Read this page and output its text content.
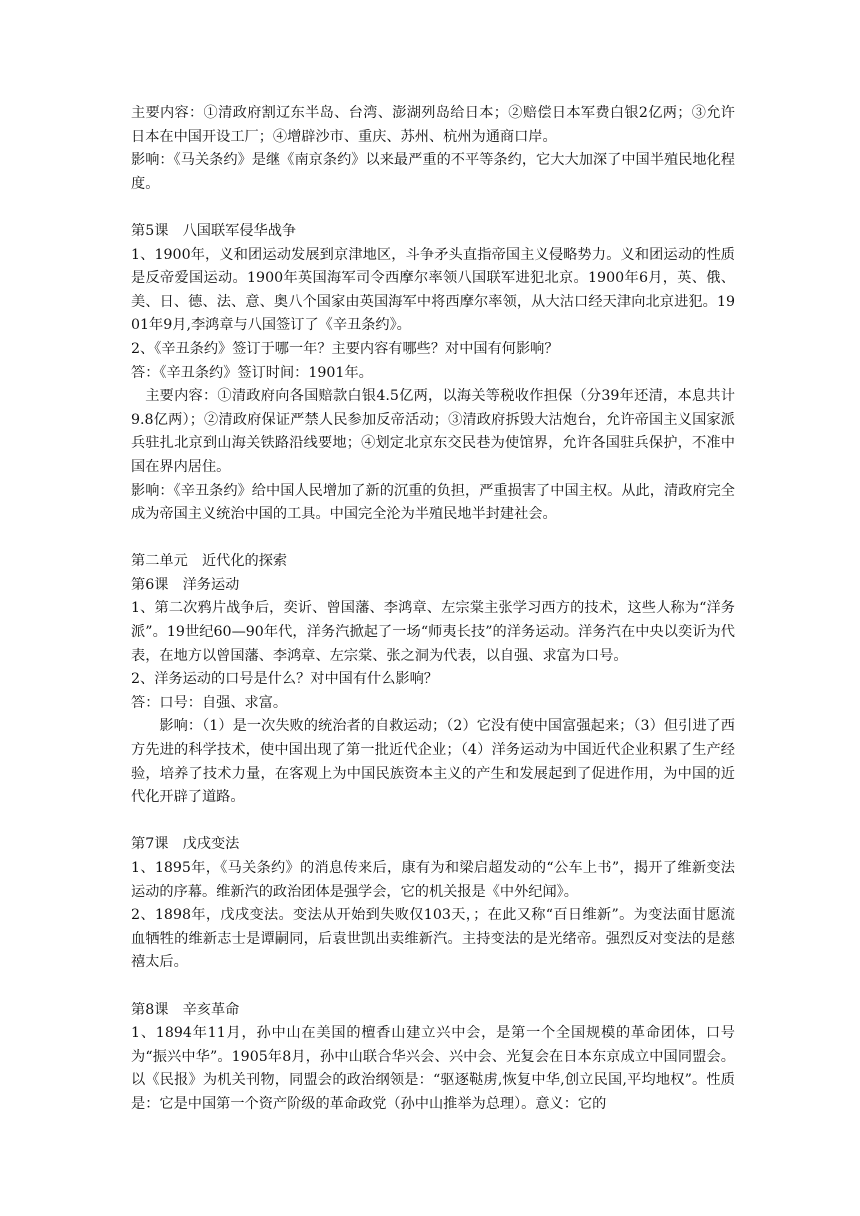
主要内容：①清政府割辽东半岛、台湾、澎湖列岛给日本；②赔偿日本军费白银2亿两；③允许日本在中国开设工厂；④增辟沙市、重庆、苏州、杭州为通商口岸。

影响：《马关条约》是继《南京条约》以来最严重的不平等条约，它大大加深了中国半殖民地化程度。

第5课　八国联军侵华战争

1、1900年，义和团运动发展到京津地区，斗争矛头直指帝国主义侵略势力。义和团运动的性质是反帝爱国运动。1900年英国海军司令西摩尔率领八国联军进犯北京。1900年6月，英、俄、美、日、德、法、意、奥八个国家由英国海军中将西摩尔率领，从大沽口经天津向北京进犯。1901年9月,李鸿章与八国签订了《辛丑条约》。

2、《辛丑条约》签订于哪一年？主要内容有哪些？对中国有何影响？

答：《辛丑条约》签订时间：1901年。

主要内容：①清政府向各国赔款白银4.5亿两，以海关等税收作担保（分39年还清，本息共计9.8亿两）；②清政府保证严禁人民参加反帝活动；③清政府拆毁大沽炮台，允许帝国主义国家派兵驻扎北京到山海关铁路沿线要地；④划定北京东交民巷为使馆界，允许各国驻兵保护，不准中国在界内居住。

影响：《辛丑条约》给中国人民增加了新的沉重的负担，严重损害了中国主权。从此，清政府完全成为帝国主义统治中国的工具。中国完全沦为半殖民地半封建社会。

第二单元　近代化的探索

第6课　洋务运动

1、第二次鸦片战争后，奕䜣、曾国藩、李鸿章、左宗棠主张学习西方的技术，这些人称为“洋务派”。19世纪60—90年代，洋务汽掀起了一场“师夷长技”的洋务运动。洋务汽在中央以奕䜣为代表，在地方以曾国藩、李鸿章、左宗棠、张之洞为代表，以自强、求富为口号。

2、洋务运动的口号是什么？对中国有什么影响？

答：口号：自强、求富。

影响：（1）是一次失败的统治者的自救运动；（2）它没有使中国富强起来；（3）但引进了西方先进的科学技术，使中国出现了第一批近代企业；（4）洋务运动为中国近代企业积累了生产经验，培养了技术力量，在客观上为中国民族资本主义的产生和发展起到了促进作用，为中国的近代化开辟了道路。

第7课　戊戌变法

1、1895年，《马关条约》的消息传来后，康有为和梁启超发动的“公车上书”，揭开了维新变法运动的序幕。维新汽的政治团体是强学会，它的机关报是《中外纪闻》。

2、1898年，戊戌变法。变法从开始到失败仅103天，；在此又称“百日维新”。为变法面甘愿流血牺牲的维新志士是谭嗣同，后袁世凯出卖维新汽。主持变法的是光绪帝。强烈反对变法的是慈禧太后。

第8课　辛亥革命

1、1894年11月，孙中山在美国的檀香山建立兴中会，是第一个全国规模的革命团体，口号为“振兴中华”。1905年8月，孙中山联合华兴会、兴中会、光复会在日本东京成立中国同盟会。以《民报》为机关刊物，同盟会的政治纲领是：“驱逐鞑虏,恢复中华,创立民国,平均地权”。性质是：它是中国第一个资产阶级的革命政党（孙中山推举为总理）。意义：它的
